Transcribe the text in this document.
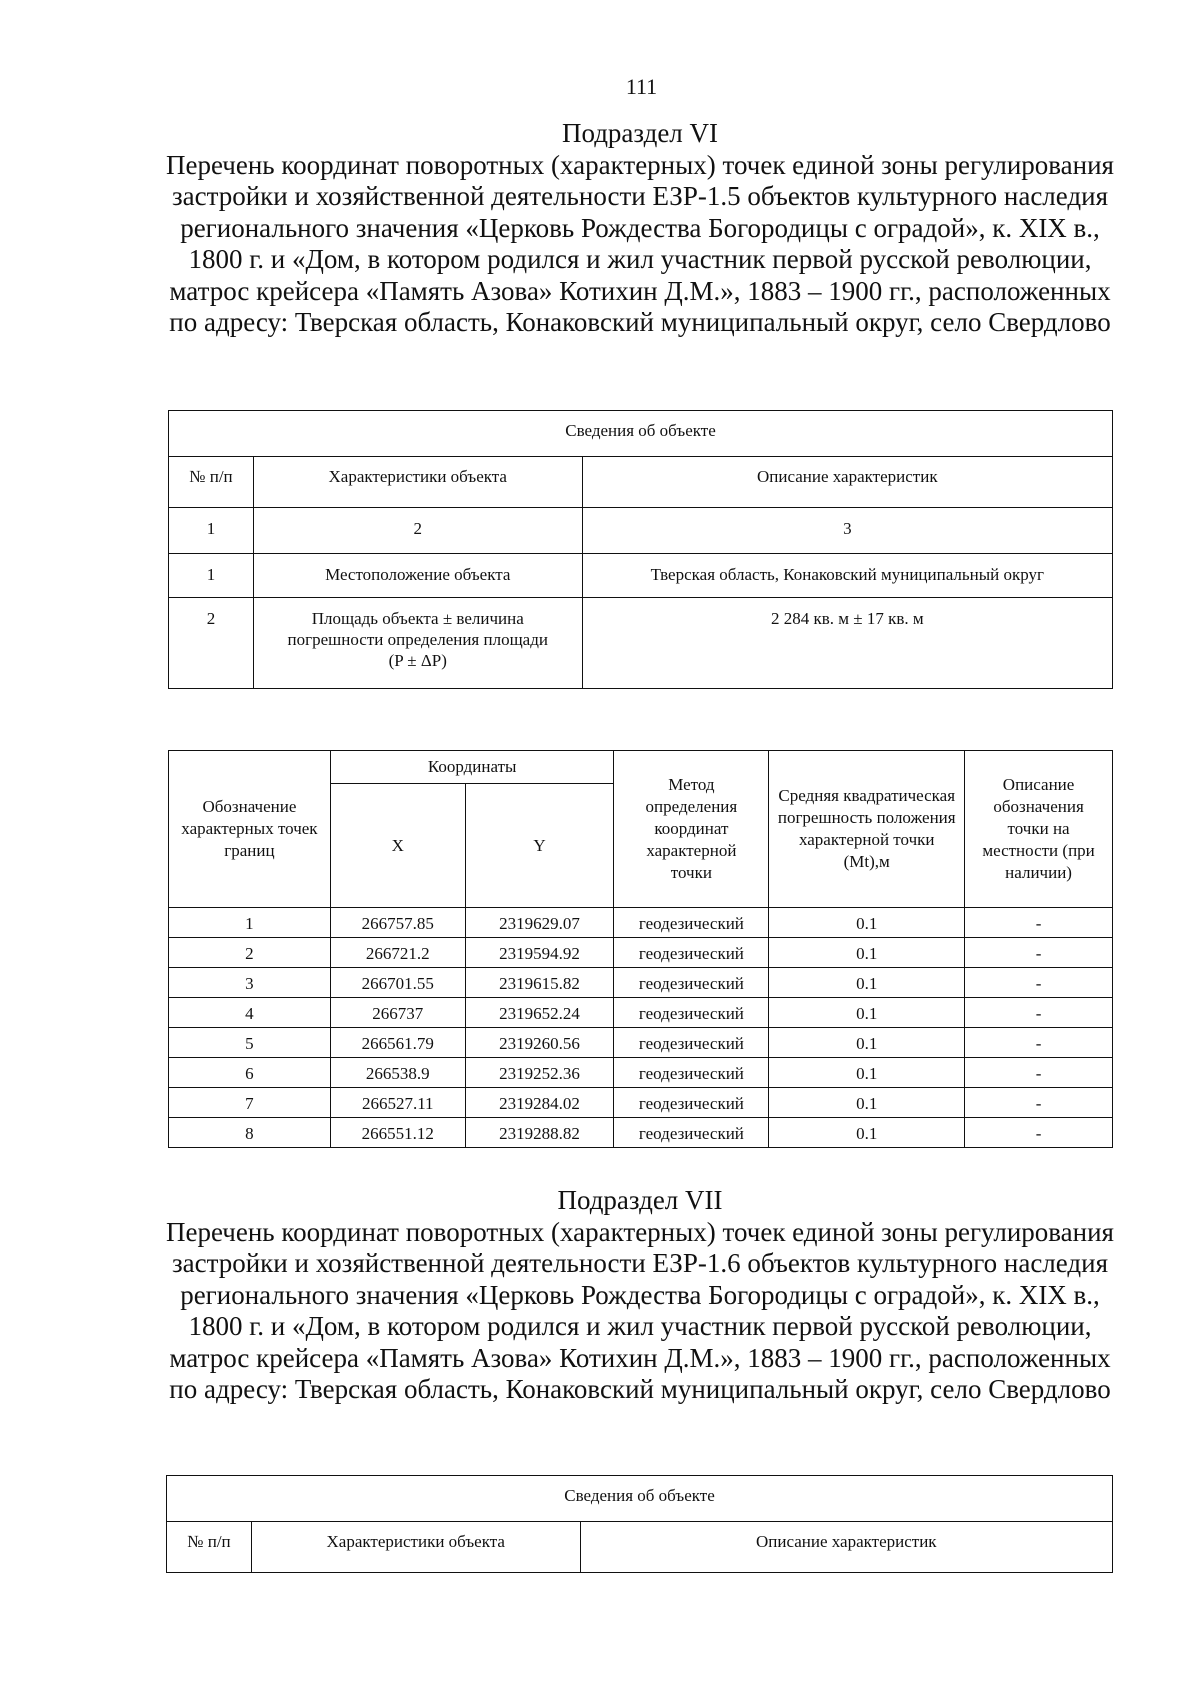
111
Подраздел VI
Перечень координат поворотных (характерных) точек единой зоны регулирования застройки и хозяйственной деятельности ЕЗР-1.5 объектов культурного наследия регионального значения «Церковь Рождества Богородицы с оградой», к. XIX в., 1800 г. и «Дом, в котором родился и жил участник первой русской революции, матрос крейсера «Память Азова» Котихин Д.М.», 1883 – 1900 гг., расположенных по адресу: Тверская область, Конаковский муниципальный округ, село Свердлово
Сведения об объекте		
№ п/п	Характеристики объекта	Описание характеристик
1	2	3
1	Местоположение объекта	Тверская область, Конаковский муниципальный округ
2	Площадь объекта ± величина погрешности определения площади (P ± ΔP)	2 284 кв. м ± 17 кв. м
Обозначение характерных точек границ	Координаты		Метод определения координат характерной точки	Средняя квадратическая погрешность положения характерной точки (Mt),м	Описание обозначения точки на местности (при наличии)
	X	Y			
1	266757.85	2319629.07	геодезический	0.1	-
2	266721.2	2319594.92	геодезический	0.1	-
3	266701.55	2319615.82	геодезический	0.1	-
4	266737	2319652.24	геодезический	0.1	-
5	266561.79	2319260.56	геодезический	0.1	-
6	266538.9	2319252.36	геодезический	0.1	-
7	266527.11	2319284.02	геодезический	0.1	-
8	266551.12	2319288.82	геодезический	0.1	-
Подраздел VII
Перечень координат поворотных (характерных) точек единой зоны регулирования застройки и хозяйственной деятельности ЕЗР-1.6 объектов культурного наследия регионального значения «Церковь Рождества Богородицы с оградой», к. XIX в., 1800 г. и «Дом, в котором родился и жил участник первой русской революции, матрос крейсера «Память Азова» Котихин Д.М.», 1883 – 1900 гг., расположенных по адресу: Тверская область, Конаковский муниципальный округ, село Свердлово
Сведения об объекте
№ п/п	Характеристики объекта	Описание характеристик
